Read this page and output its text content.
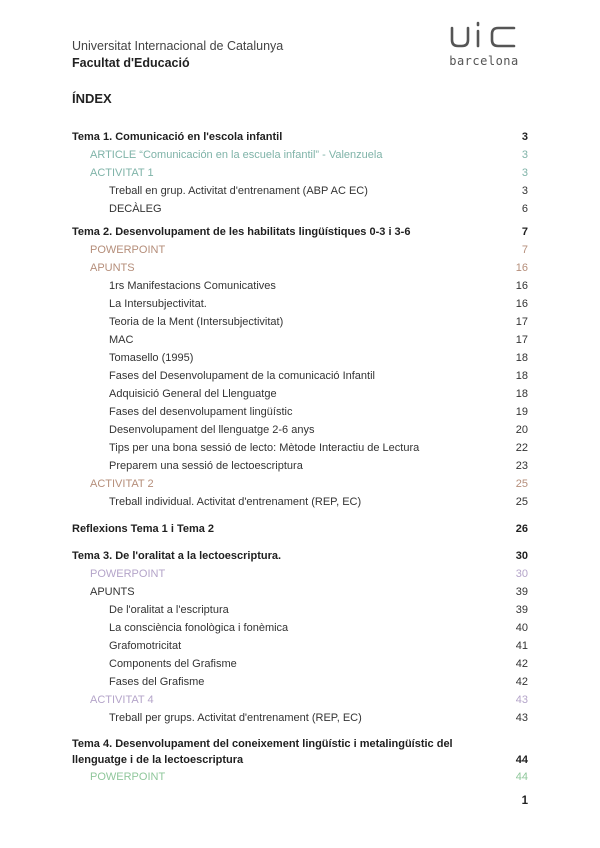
Universitat Internacional de Catalunya
Facultat d'Educació	barcelona
ÍNDEX
Tema 1. Comunicació en l'escola infantil	3
ARTICLE “Comunicación en la escuela infantil” - Valenzuela	3
ACTIVITAT 1	3
Treball en grup. Activitat d'entrenament (ABP AC EC)	3
DECÀLEG	6
Tema 2. Desenvolupament de les habilitats lingüístiques 0-3 i 3-6	7
POWERPOINT	7
APUNTS	16
1rs Manifestacions Comunicatives	16
La Intersubjectivitat.	16
Teoria de la Ment (Intersubjectivitat)	17
MAC	17
Tomasello (1995)	18
Fases del Desenvolupament de la comunicació Infantil	18
Adquisició General del Llenguatge	18
Fases del desenvolupament lingüístic	19
Desenvolupament del llenguatge 2-6 anys	20
Tips per una bona sessió de lecto: Mètode Interactiu de Lectura	22
Preparem una sessió de lectoescriptura	23
ACTIVITAT 2	25
Treball individual. Activitat d'entrenament (REP, EC)	25
Reflexions Tema 1 i Tema 2	26
Tema 3. De l'oralitat a la lectoescriptura.	30
POWERPOINT	30
APUNTS	39
De l'oralitat a l'escriptura	39
La consciència fonològica i fonèmica	40
Grafomotricitat	41
Components del Grafisme	42
Fases del Grafisme	42
ACTIVITAT 4	43
Treball per grups. Activitat d'entrenament (REP, EC)	43
Tema 4. Desenvolupament del coneixement lingüístic i metalingüístic del llenguatge i de la lectoescriptura	44
POWERPOINT	44
1
